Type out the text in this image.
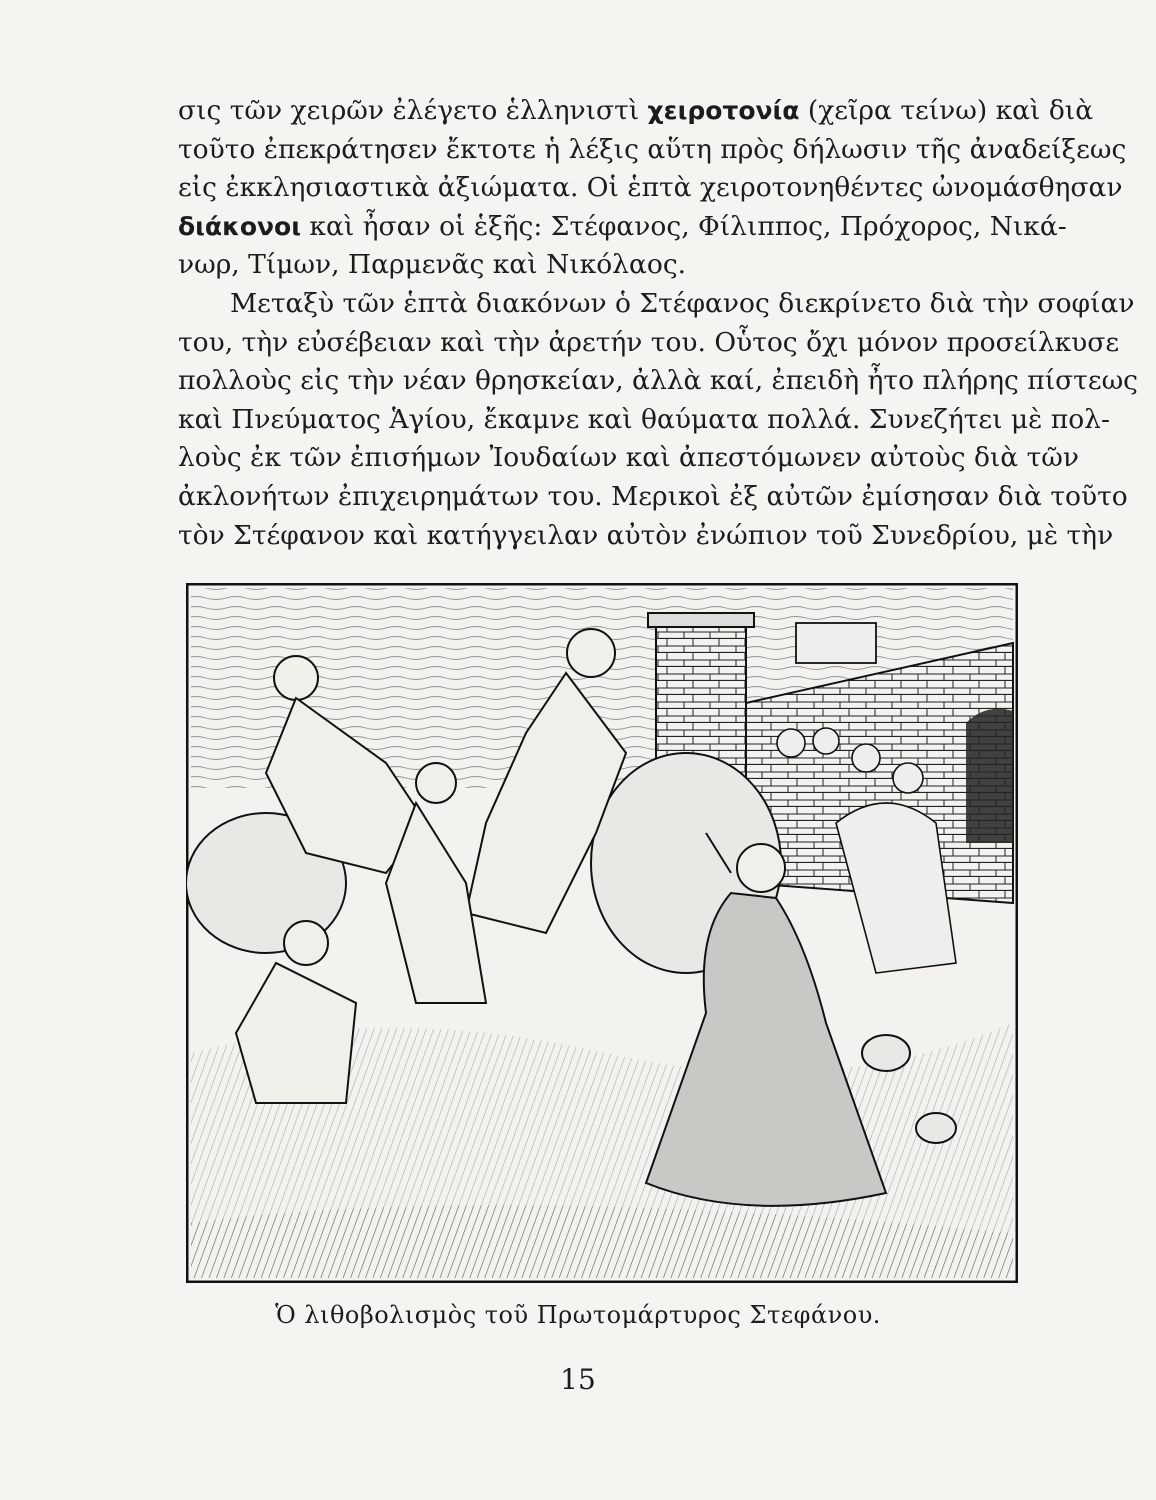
σις τῶν χειρῶν ἐλέγετο ἑλληνιστὶ χειροτονία (χεῖρα τείνω) καὶ διὰ
τοῦτο ἐπεκράτησεν ἔκτοτε ἡ λέξις αὕτη πρὸς δήλωσιν τῆς ἀναδείξεως
εἰς ἐκκλησιαστικὰ ἀξιώματα. Οἱ ἑπτὰ χειροτονηθέντες ὠνομάσθησαν
διάκονοι καὶ ἦσαν οἱ ἑξῆς: Στέφανος, Φίλιππος, Πρόχορος, Νικά-
νωρ, Τίμων, Παρμενᾶς καὶ Νικόλαος.
Μεταξὺ τῶν ἑπτὰ διακόνων ὁ Στέφανος διεκρίνετο διὰ τὴν σοφίαν
του, τὴν εὐσέβειαν καὶ τὴν ἀρετήν του. Οὗτος ὄχι μόνον προσείλκυσε
πολλοὺς εἰς τὴν νέαν θρησκείαν, ἀλλὰ καί, ἐπειδὴ ἦτο πλήρης πίστεως
καὶ Πνεύματος Ἁγίου, ἔκαμνε καὶ θαύματα πολλά. Συνεζήτει μὲ πολ-
λοὺς ἐκ τῶν ἐπισήμων Ἰουδαίων καὶ ἀπεστόμωνεν αὐτοὺς διὰ τῶν
ἀκλονήτων ἐπιχειρημάτων του. Μερικοὶ ἐξ αὐτῶν ἐμίσησαν διὰ τοῦτο
τὸν Στέφανον καὶ κατήγγειλαν αὐτὸν ἐνώπιον τοῦ Συνεδρίου, μὲ τὴν
Ὁ λιθοβολισμὸς τοῦ Πρωτομάρτυρος Στεφάνου.
15
